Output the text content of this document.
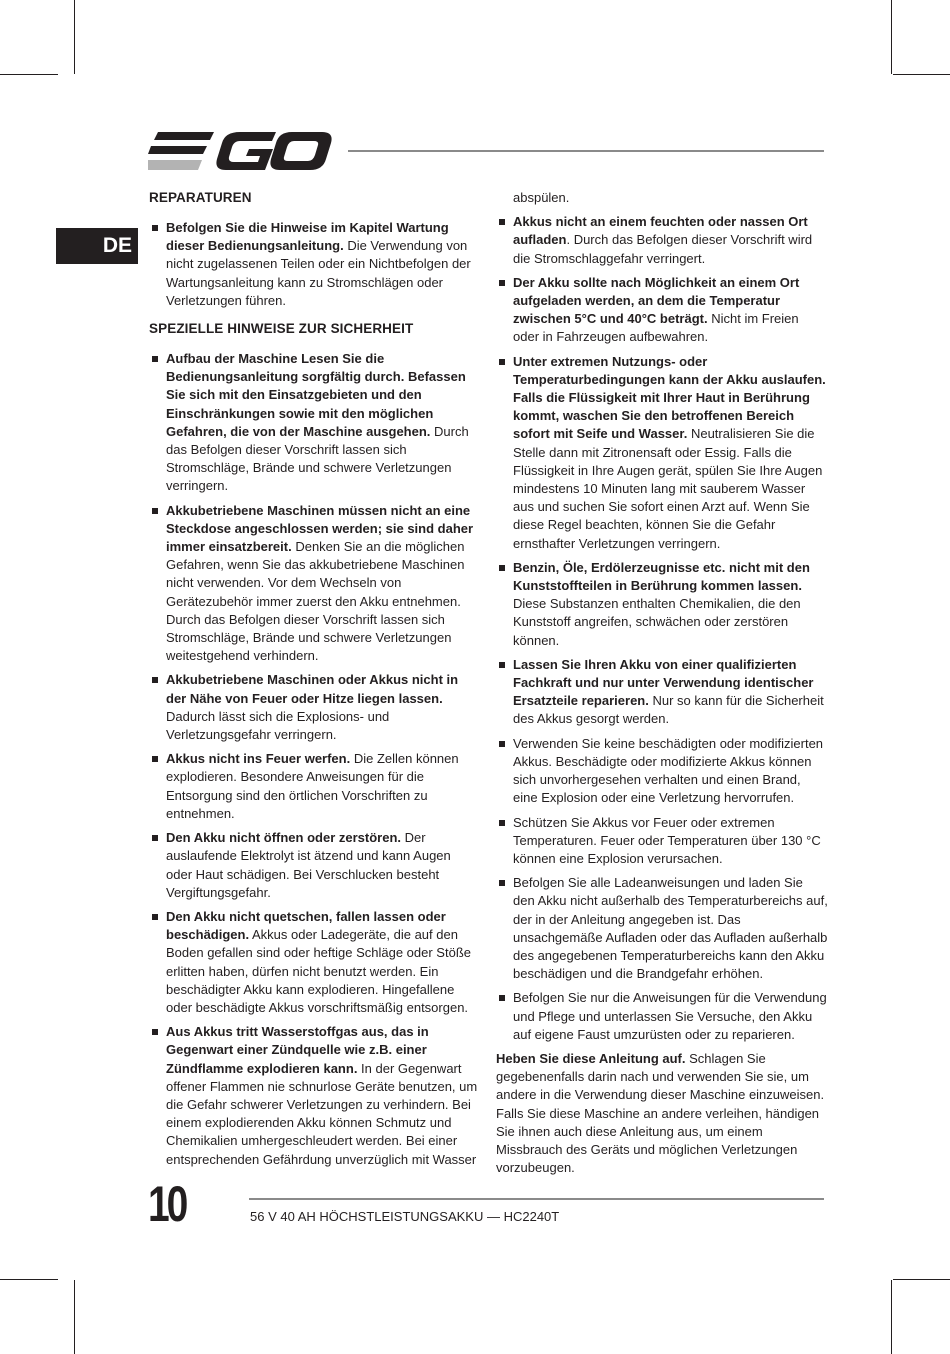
DE
REPARATUREN
Befolgen Sie die Hinweise im Kapitel Wartung dieser Bedienungsanleitung. Die Verwendung von nicht zugelassenen Teilen oder ein Nichtbefolgen der Wartungsanleitung kann zu Stromschlägen oder Verletzungen führen.
SPEZIELLE HINWEISE ZUR SICHERHEIT
Aufbau der Maschine Lesen Sie die Bedienungsanleitung sorgfältig durch. Befassen Sie sich mit den Einsatzgebieten und den Einschränkungen sowie mit den möglichen Gefahren, die von der Maschine ausgehen. Durch das Befolgen dieser Vorschrift lassen sich Stromschläge, Brände und schwere Verletzungen verringern.
Akkubetriebene Maschinen müssen nicht an eine Steckdose angeschlossen werden; sie sind daher immer einsatzbereit. Denken Sie an die möglichen Gefahren, wenn Sie das akkubetriebene Maschinen nicht verwenden. Vor dem Wechseln von Gerätezubehör immer zuerst den Akku entnehmen. Durch das Befolgen dieser Vorschrift lassen sich Stromschläge, Brände und schwere Verletzungen weitestgehend verhindern.
Akkubetriebene Maschinen oder Akkus nicht in der Nähe von Feuer oder Hitze liegen lassen. Dadurch lässt sich die Explosions- und Verletzungsgefahr verringern.
Akkus nicht ins Feuer werfen. Die Zellen können explodieren. Besondere Anweisungen für die Entsorgung sind den örtlichen Vorschriften zu entnehmen.
Den Akku nicht öffnen oder zerstören. Der auslaufende Elektrolyt ist ätzend und kann Augen oder Haut schädigen. Bei Verschlucken besteht Vergiftungsgefahr.
Den Akku nicht quetschen, fallen lassen oder beschädigen. Akkus oder Ladegeräte, die auf den Boden gefallen sind oder heftige Schläge oder Stöße erlitten haben, dürfen nicht benutzt werden. Ein beschädigter Akku kann explodieren. Hingefallene oder beschädigte Akkus vorschriftsmäßig entsorgen.
Aus Akkus tritt Wasserstoffgas aus, das in Gegenwart einer Zündquelle wie z.B. einer Zündflamme explodieren kann. In der Gegenwart offener Flammen nie schnurlose Geräte benutzen, um die Gefahr schwerer Verletzungen zu verhindern. Bei einem explodierenden Akku können Schmutz und Chemikalien umhergeschleudert werden. Bei einer entsprechenden Gefährdung unverzüglich mit Wasser
abspülen.
Akkus nicht an einem feuchten oder nassen Ort aufladen. Durch das Befolgen dieser Vorschrift wird die Stromschlaggefahr verringert.
Der Akku sollte nach Möglichkeit an einem Ort aufgeladen werden, an dem die Temperatur zwischen 5°C und 40°C beträgt. Nicht im Freien oder in Fahrzeugen aufbewahren.
Unter extremen Nutzungs- oder Temperaturbedingungen kann der Akku auslaufen. Falls die Flüssigkeit mit Ihrer Haut in Berührung kommt, waschen Sie den betroffenen Bereich sofort mit Seife und Wasser. Neutralisieren Sie die Stelle dann mit Zitronensaft oder Essig. Falls die Flüssigkeit in Ihre Augen gerät, spülen Sie Ihre Augen mindestens 10 Minuten lang mit sauberem Wasser aus und suchen Sie sofort einen Arzt auf. Wenn Sie diese Regel beachten, können Sie die Gefahr ernsthafter Verletzungen verringern.
Benzin, Öle, Erdölerzeugnisse etc. nicht mit den Kunststoffteilen in Berührung kommen lassen. Diese Substanzen enthalten Chemikalien, die den Kunststoff angreifen, schwächen oder zerstören können.
Lassen Sie Ihren Akku von einer qualifizierten Fachkraft und nur unter Verwendung identischer Ersatzteile reparieren. Nur so kann für die Sicherheit des Akkus gesorgt werden.
Verwenden Sie keine beschädigten oder modifizierten Akkus. Beschädigte oder modifizierte Akkus können sich unvorhergesehen verhalten und einen Brand, eine Explosion oder eine Verletzung hervorrufen.
Schützen Sie Akkus vor Feuer oder extremen Temperaturen. Feuer oder Temperaturen über 130 °C können eine Explosion verursachen.
Befolgen Sie alle Ladeanweisungen und laden Sie den Akku nicht außerhalb des Temperaturbereichs auf, der in der Anleitung angegeben ist. Das unsachgemäße Aufladen oder das Aufladen außerhalb des angegebenen Temperaturbereichs kann den Akku beschädigen und die Brandgefahr erhöhen.
Befolgen Sie nur die Anweisungen für die Verwendung und Pflege und unterlassen Sie Versuche, den Akku auf eigene Faust umzurüsten oder zu reparieren.
Heben Sie diese Anleitung auf. Schlagen Sie gegebenenfalls darin nach und verwenden Sie sie, um andere in die Verwendung dieser Maschine einzuweisen. Falls Sie diese Maschine an andere verleihen, händigen Sie ihnen auch diese Anleitung aus, um einem Missbrauch des Geräts und möglichen Verletzungen vorzubeugen.
10	56 V 40 AH HÖCHSTLEISTUNGSAKKU — HC2240T
